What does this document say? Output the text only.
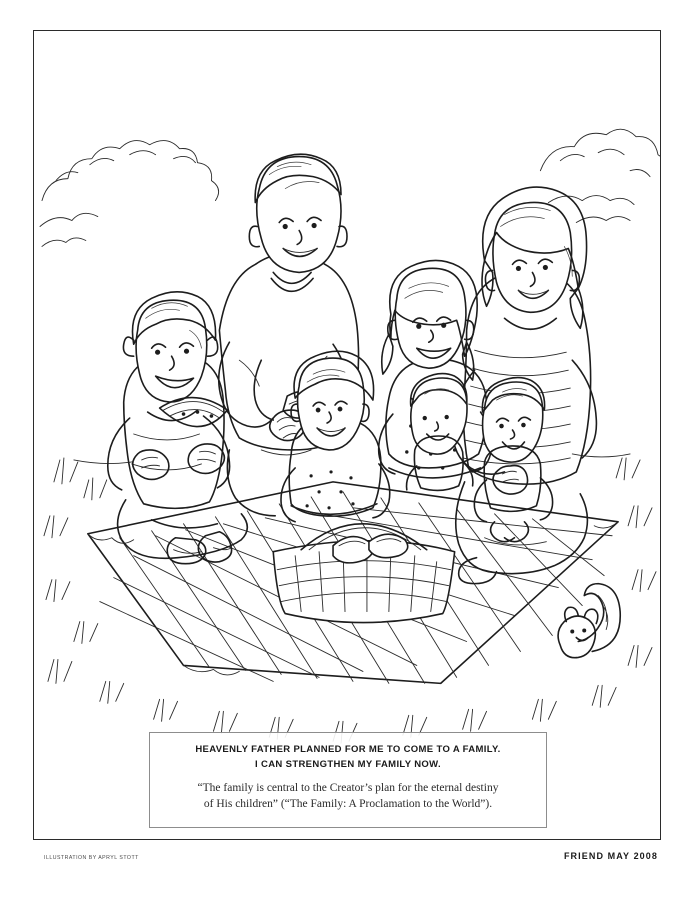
HEAVENLY FATHER PLANNED FOR ME TO COME TO A FAMILY.
I CAN STRENGTHEN MY FAMILY NOW.
“The family is central to the Creator’s plan for the eternal destiny
of His children” (“The Family: A Proclamation to the World”).
ILLUSTRATION BY APRYL STOTT	FRIEND MAY 2008
